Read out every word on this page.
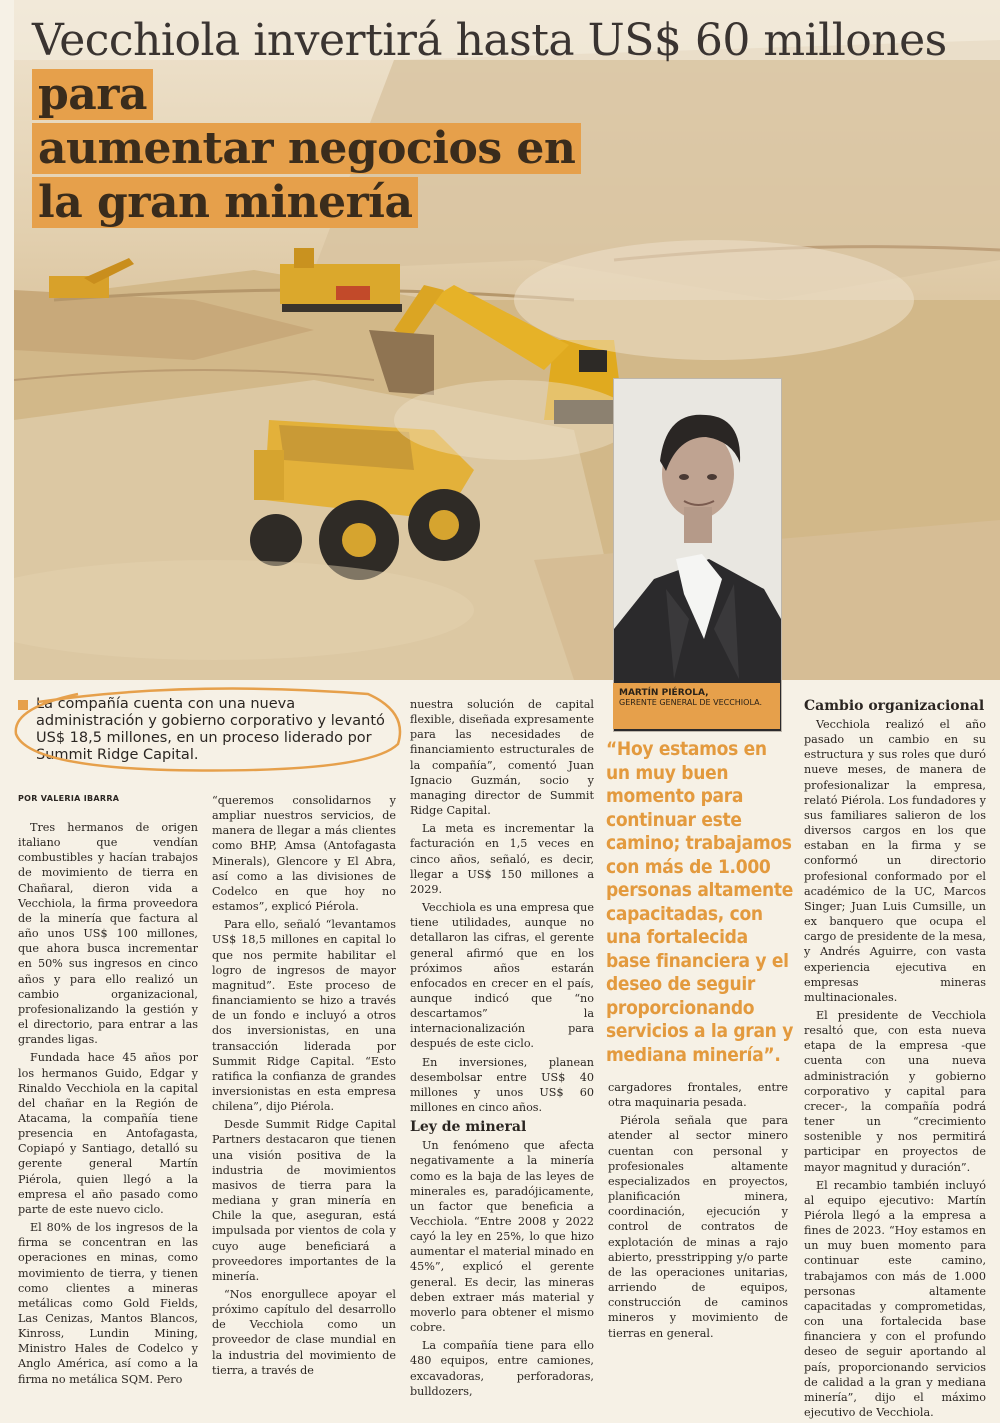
Vecchiola invertirá hasta US$ 60 millones para
aumentar negocios en
la gran minería
MARTÍN PIÉROLA,
GERENTE GENERAL DE VECCHIOLA.

“Hoy estamos en un muy buen momento para continuar este camino; trabajamos con más de 1.000 personas altamente capacitadas, con una fortalecida base financiera y el deseo de seguir proporcionando servicios a la gran y mediana minería”.

La compañía cuenta con una nueva administración y gobierno corporativo y levantó US$ 18,5 millones, en un proceso liderado por Summit Ridge Capital.

POR VALERIA IBARRA

Tres hermanos de origen italiano que vendían combustibles y hacían trabajos de movimiento de tierra en Chañaral, dieron vida a Vecchiola, la firma proveedora de la minería que factura al año unos US$ 100 millones, que ahora busca incrementar en 50% sus ingresos en cinco años y para ello realizó un cambio organizacional, profesionalizando la gestión y el directorio, para entrar a las grandes ligas.

Fundada hace 45 años por los hermanos Guido, Edgar y Rinaldo Vecchiola en la capital del chañar en la Región de Atacama, la compañía tiene presencia en Antofagasta, Copiapó y Santiago, detalló su gerente general Martín Piérola, quien llegó a la empresa el año pasado como parte de este nuevo ciclo.

El 80% de los ingresos de la firma se concentran en las operaciones en minas, como movimiento de tierra, y tienen como clientes a mineras metálicas como Gold Fields, Las Cenizas, Mantos Blancos, Kinross, Lundin Mining, Ministro Hales de Codelco y Anglo América, así como a la firma no metálica SQM. Pero

“queremos consolidarnos y ampliar nuestros servicios, de manera de llegar a más clientes como BHP, Amsa (Antofagasta Minerals), Glencore y El Abra, así como a las divisiones de Codelco en que hoy no estamos”, explicó Piérola.

Para ello, señaló “levantamos US$ 18,5 millones en capital lo que nos permite habilitar el logro de ingresos de mayor magnitud”. Este proceso de financiamiento se hizo a través de un fondo e incluyó a otros dos inversionistas, en una transacción liderada por Summit Ridge Capital. “Esto ratifica la confianza de grandes inversionistas en esta empresa chilena”, dijo Piérola.

Desde Summit Ridge Capital Partners destacaron que tienen una visión positiva de la industria de movimientos masivos de tierra para la mediana y gran minería en Chile la que, aseguran, está impulsada por vientos de cola y cuyo auge beneficiará a proveedores importantes de la minería.

“Nos enorgullece apoyar el próximo capítulo del desarrollo de Vecchiola como un proveedor de clase mundial en la industria del movimiento de tierra, a través de

nuestra solución de capital flexible, diseñada expresamente para las necesidades de financiamiento estructurales de la compañía”, comentó Juan Ignacio Guzmán, socio y managing director de Summit Ridge Capital.

La meta es incrementar la facturación en 1,5 veces en cinco años, señaló, es decir, llegar a US$ 150 millones a 2029.

Vecchiola es una empresa que tiene utilidades, aunque no detallaron las cifras, el gerente general afirmó que en los próximos años estarán enfocados en crecer en el país, aunque indicó que “no descartamos” la internacionalización para después de este ciclo.

En inversiones, planean desembolsar entre US$ 40 millones y unos US$ 60 millones en cinco años.

Ley de mineral

Un fenómeno que afecta negativamente a la minería como es la baja de las leyes de minerales es, paradójicamente, un factor que beneficia a Vecchiola. “Entre 2008 y 2022 cayó la ley en 25%, lo que hizo aumentar el material minado en 45%”, explicó el gerente general. Es decir, las mineras deben extraer más material y moverlo para obtener el mismo cobre.

La compañía tiene para ello 480 equipos, entre camiones, excavadoras, perforadoras, bulldozers,

cargadores frontales, entre otra maquinaria pesada.

Piérola señala que para atender al sector minero cuentan con personal y profesionales altamente especializados en proyectos, planificación minera, coordinación, ejecución y control de contratos de explotación de minas a rajo abierto, presstripping y/o parte de las operaciones unitarias, arriendo de equipos, construcción de caminos mineros y movimiento de tierras en general.

Cambio organizacional

Vecchiola realizó el año pasado un cambio en su estructura y sus roles que duró nueve meses, de manera de profesionalizar la empresa, relató Piérola. Los fundadores y sus familiares salieron de los diversos cargos en los que estaban en la firma y se conformó un directorio profesional conformado por el académico de la UC, Marcos Singer; Juan Luis Cumsille, un ex banquero que ocupa el cargo de presidente de la mesa, y Andrés Aguirre, con vasta experiencia ejecutiva en empresas mineras multinacionales.

El presidente de Vecchiola resaltó que, con esta nueva etapa de la empresa -que cuenta con una nueva administración y gobierno corporativo y capital para crecer-, la compañía podrá tener un “crecimiento sostenible y nos permitirá participar en proyectos de mayor magnitud y duración”.

El recambio también incluyó al equipo ejecutivo: Martín Piérola llegó a la empresa a fines de 2023. “Hoy estamos en un muy buen momento para continuar este camino, trabajamos con más de 1.000 personas altamente capacitadas y comprometidas, con una fortalecida base financiera y con el profundo deseo de seguir aportando al país, proporcionando servicios de calidad a la gran y mediana minería”, dijo el máximo ejecutivo de Vecchiola.
